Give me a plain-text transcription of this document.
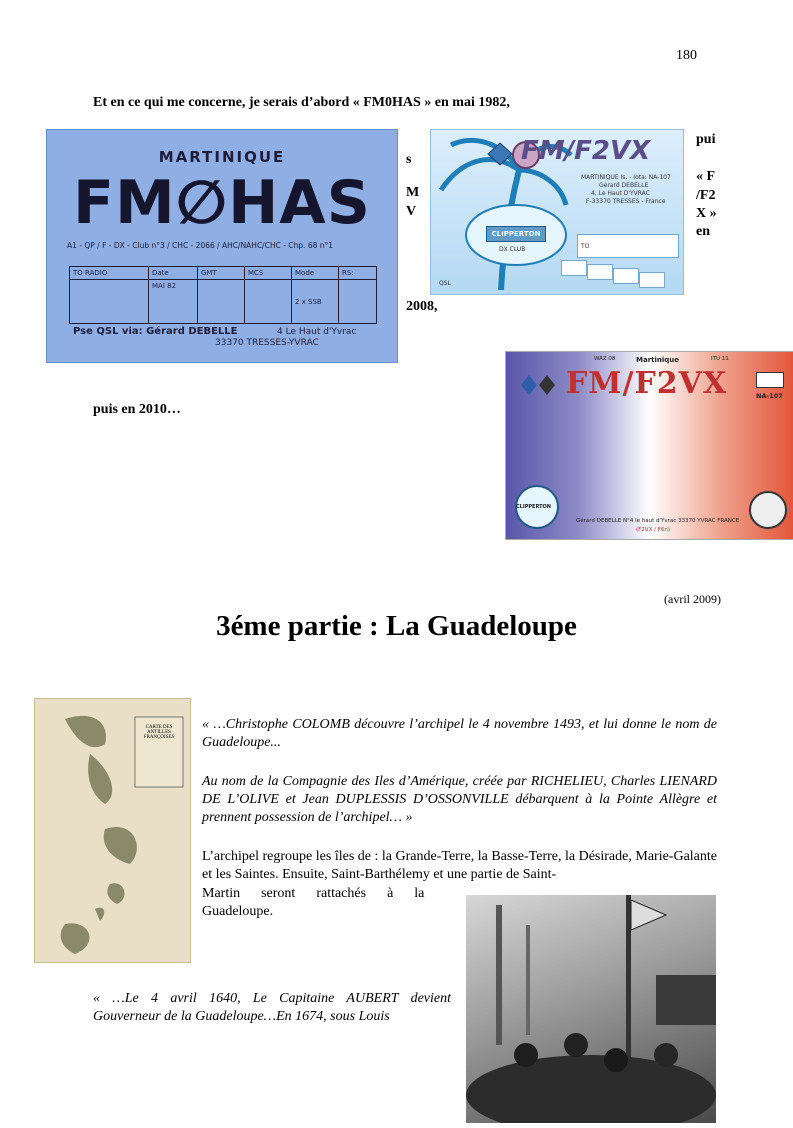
180
Et en ce qui me concerne, je serais d’abord « FM0HAS » en mai 1982,
MARTINIQUE
FM∅HAS
A1 - QP / F - DX - Club n°3 / CHC - 2066 / AHC/NAHC/CHC - Chp. 68 n°1
TO RADIO	Date	GMT	MCS	Mode	RS:
	MAI 82			2 x SSB	
Pse QSL via: Gérard DEBELLE	4 Le Haut d'Yvrac
33370 TRESSES-YVRAC
s
M
V
2008,
pui
« F
/F2
X »
en
FM/F2VX
MARTINIQUE Is. - Iota: NA-107
Gérard DEBELLE
4, Le Haut D'YVRAC
F-33370 TRESSES - France
CLIPPERTON
DX CLUB	TO
QSL
puis en 2010…
WAZ 08	Martinique	ITU 11
FM/F2VX	NA-107
CLIPPERTON
Gérard DEBELLE N°4 le haut d'Yvrac 33370 YVRAC FRANCE
(F2VX / F6n)
(avril 2009)
3éme partie : La Guadeloupe
CARTE DES ANTILLES FRANÇOISES
« …Christophe COLOMB découvre l’archipel le 4 novembre 1493, et lui donne le nom de Guadeloupe...
Au nom de la Compagnie des Iles d’Amérique, créée par RICHELIEU, Charles LIENARD DE L’OLIVE et Jean DUPLESSIS D’OSSONVILLE débarquent à la Pointe Allègre et prennent possession de l’archipel… »
L’archipel regroupe les îles de : la Grande-Terre, la Basse-Terre, la Désirade, Marie-Galante et les Saintes. Ensuite, Saint-Barthélemy et une partie de Saint-
Martin      seront      rattachés      à      la
Guadeloupe.
« …Le 4 avril 1640, Le Capitaine AUBERT devient Gouverneur de la Guadeloupe…En 1674, sous Louis
